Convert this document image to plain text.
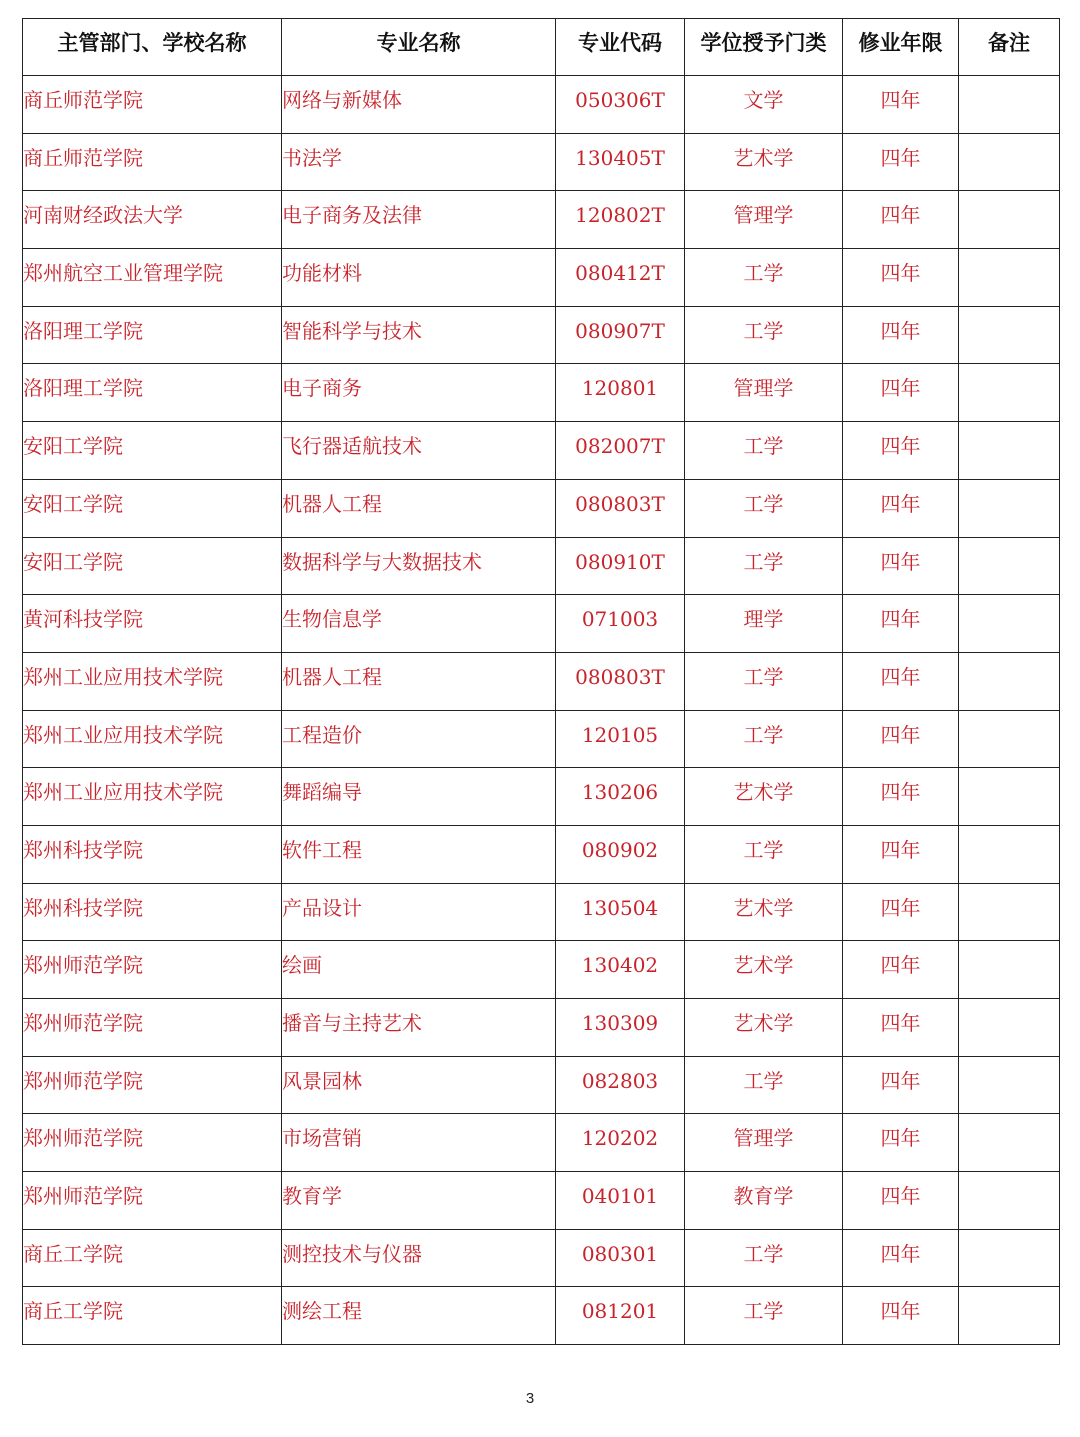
主管部门、学校名称	专业名称	专业代码	学位授予门类	修业年限	备注
商丘师范学院	网络与新媒体	050306T	文学	四年	
商丘师范学院	书法学	130405T	艺术学	四年	
河南财经政法大学	电子商务及法律	120802T	管理学	四年	
郑州航空工业管理学院	功能材料	080412T	工学	四年	
洛阳理工学院	智能科学与技术	080907T	工学	四年	
洛阳理工学院	电子商务	120801	管理学	四年	
安阳工学院	飞行器适航技术	082007T	工学	四年	
安阳工学院	机器人工程	080803T	工学	四年	
安阳工学院	数据科学与大数据技术	080910T	工学	四年	
黄河科技学院	生物信息学	071003	理学	四年	
郑州工业应用技术学院	机器人工程	080803T	工学	四年	
郑州工业应用技术学院	工程造价	120105	工学	四年	
郑州工业应用技术学院	舞蹈编导	130206	艺术学	四年	
郑州科技学院	软件工程	080902	工学	四年	
郑州科技学院	产品设计	130504	艺术学	四年	
郑州师范学院	绘画	130402	艺术学	四年	
郑州师范学院	播音与主持艺术	130309	艺术学	四年	
郑州师范学院	风景园林	082803	工学	四年	
郑州师范学院	市场营销	120202	管理学	四年	
郑州师范学院	教育学	040101	教育学	四年	
商丘工学院	测控技术与仪器	080301	工学	四年	
商丘工学院	测绘工程	081201	工学	四年	
3
